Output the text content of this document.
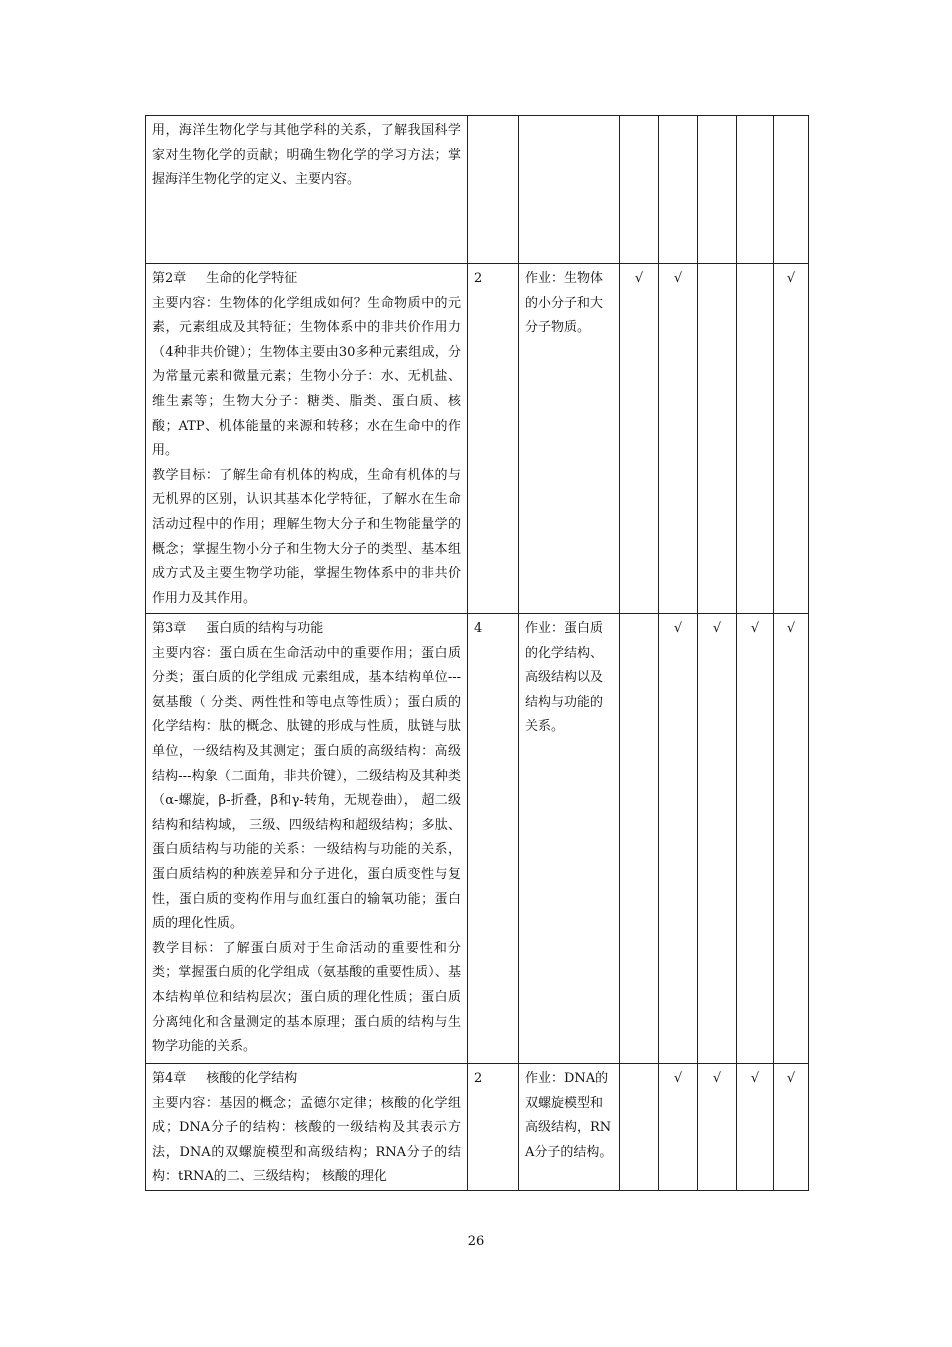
用，海洋生物化学与其他学科的关系，了解我国科学家对生物化学的贡献；明确生物化学的学习方法；掌握海洋生物化学的定义、主要内容。							

第2章 生命的化学特征

主要内容：生物体的化学组成如何？生命物质中的元素，元素组成及其特征；生物体系中的非共价作用力（4种非共价键）；生物体主要由30多种元素组成，分为常量元素和微量元素；生物小分子：水、无机盐、维生素等；生物大分子：糖类、脂类、蛋白质、核酸；ATP、机体能量的来源和转移；水在生命中的作用。

教学目标：了解生命有机体的构成，生命有机体的与无机界的区别，认识其基本化学特征，了解水在生命活动过程中的作用；理解生物大分子和生物能量学的概念；掌握生物小分子和生物大分子的类型、基本组成方式及主要生物学功能，掌握生物体系中的非共价作用力及其作用。	2	作业：生物体的小分子和大分子物质。	√	√			√

第3章 蛋白质的结构与功能

主要内容：蛋白质在生命活动中的重要作用；蛋白质分类；蛋白质的化学组成 元素组成，基本结构单位---氨基酸（ 分类、两性性和等电点等性质）；蛋白质的化学结构：肽的概念、肽键的形成与性质，肽链与肽单位，一级结构及其测定；蛋白质的高级结构：高级结构---构象（二面角，非共价键），二级结构及其种类（α-螺旋，β-折叠，β和γ-转角，无规卷曲）， 超二级结构和结构域， 三级、四级结构和超级结构；多肽、蛋白质结构与功能的关系：一级结构与功能的关系，蛋白质结构的种族差异和分子进化，蛋白质变性与复性，蛋白质的变构作用与血红蛋白的输氧功能；蛋白质的理化性质。

教学目标：了解蛋白质对于生命活动的重要性和分类；掌握蛋白质的化学组成（氨基酸的重要性质）、基本结构单位和结构层次；蛋白质的理化性质；蛋白质分离纯化和含量测定的基本原理；蛋白质的结构与生物学功能的关系。	4	作业：蛋白质的化学结构、高级结构以及结构与功能的关系。		√	√	√	√

第4章 核酸的化学结构

主要内容：基因的概念；孟德尔定律；核酸的化学组成；DNA分子的结构：核酸的一级结构及其表示方法，DNA的双螺旋模型和高级结构；RNA分子的结构：tRNA的二、三级结构； 核酸的理化	2	作业：DNA的双螺旋模型和高级结构，RNA分子的结构。		√	√	√	√
26
